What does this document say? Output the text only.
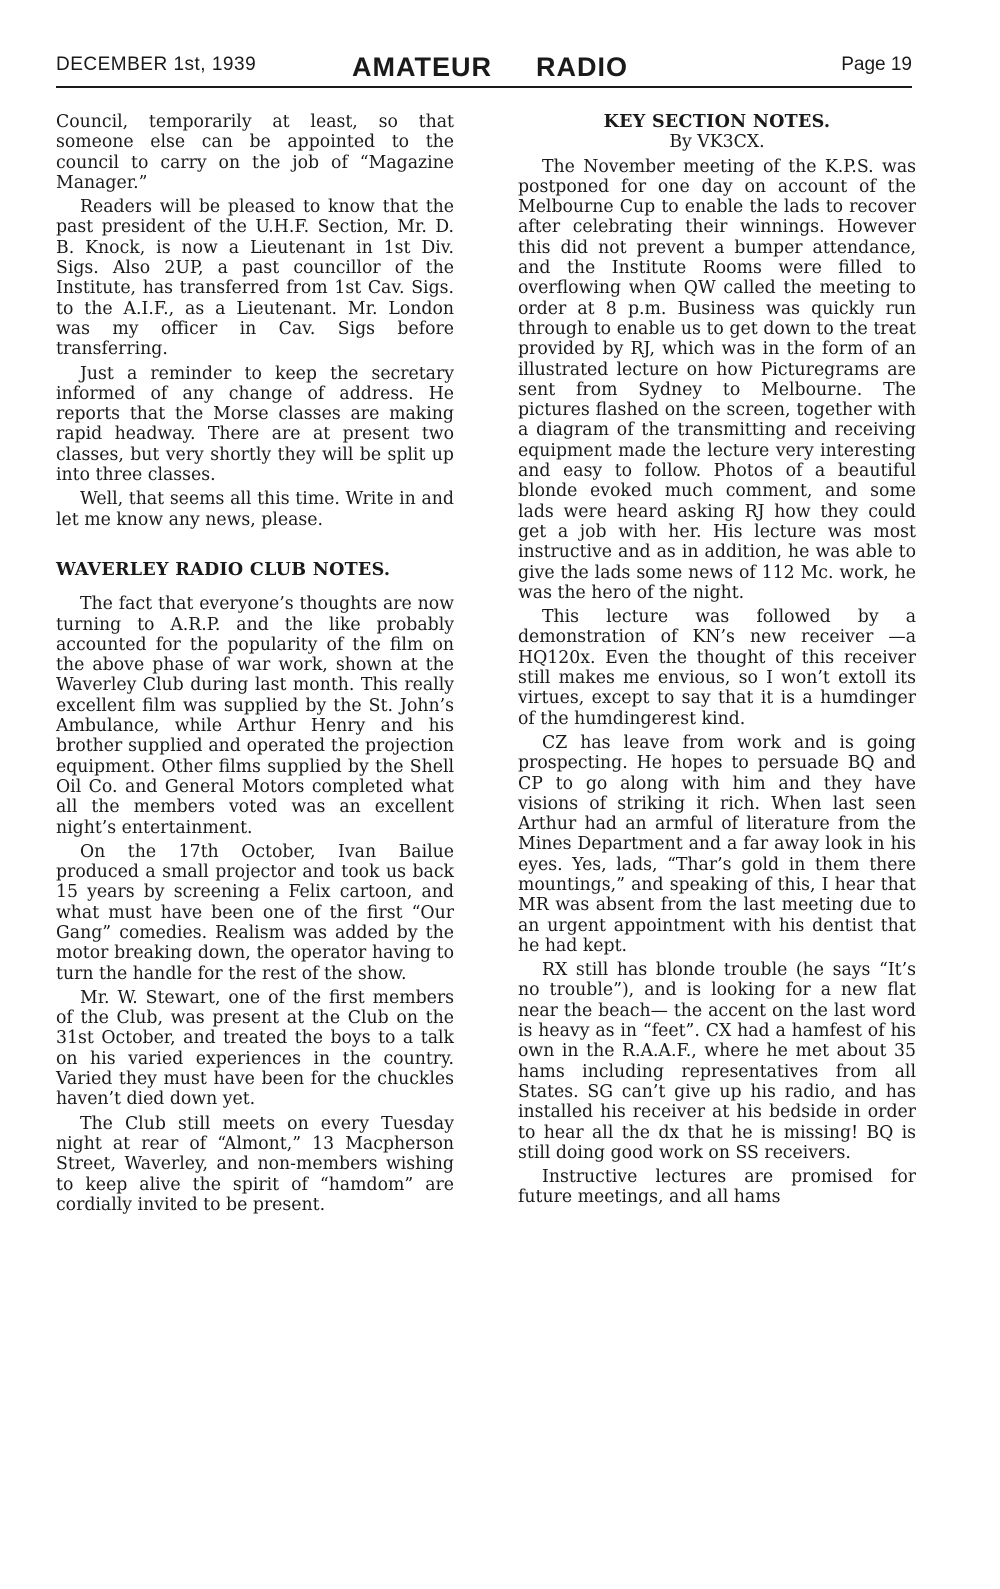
DECEMBER 1st, 1939	AMATEUR RADIO	Page 19

Council, temporarily at least, so that someone else can be appointed to the council to carry on the job of “Magazine Manager.”

Readers will be pleased to know that the past president of the U.H.F. Section, Mr. D. B. Knock, is now a Lieutenant in 1st Div. Sigs. Also 2UP, a past councillor of the Institute, has transferred from 1st Cav. Sigs. to the A.I.F., as a Lieutenant. Mr. London was my officer in Cav. Sigs before transferring.

Just a reminder to keep the secretary informed of any change of address. He reports that the Morse classes are making rapid headway. There are at present two classes, but very shortly they will be split up into three classes.

Well, that seems all this time. Write in and let me know any news, please.

WAVERLEY RADIO CLUB NOTES.

The fact that everyone’s thoughts are now turning to A.R.P. and the like probably accounted for the popularity of the film on the above phase of war work, shown at the Waverley Club during last month. This really excellent film was supplied by the St. John’s Ambulance, while Arthur Henry and his brother supplied and operated the projection equipment. Other films supplied by the Shell Oil Co. and General Motors completed what all the members voted was an excellent night’s entertainment.

On the 17th October, Ivan Bailue produced a small projector and took us back 15 years by screening a Felix cartoon, and what must have been one of the first “Our Gang” comedies. Realism was added by the motor breaking down, the operator having to turn the handle for the rest of the show.

Mr. W. Stewart, one of the first members of the Club, was present at the Club on the 31st October, and treated the boys to a talk on his varied experiences in the country. Varied they must have been for the chuckles haven’t died down yet.

The Club still meets on every Tuesday night at rear of “Almont,” 13 Macpherson Street, Waverley, and non-members wishing to keep alive the spirit of “hamdom” are cordially invited to be present.

KEY SECTION NOTES.

By VK3CX.

The November meeting of the K.P.S. was postponed for one day on account of the Melbourne Cup to enable the lads to recover after celebrating their winnings. However this did not prevent a bumper attendance, and the Institute Rooms were filled to overflowing when QW called the meeting to order at 8 p.m. Business was quickly run through to enable us to get down to the treat provided by RJ, which was in the form of an illustrated lecture on how Picturegrams are sent from Sydney to Melbourne. The pictures flashed on the screen, together with a diagram of the transmitting and receiving equipment made the lecture very interesting and easy to follow. Photos of a beautiful blonde evoked much comment, and some lads were heard asking RJ how they could get a job with her. His lecture was most instructive and as in addition, he was able to give the lads some news of 112 Mc. work, he was the hero of the night.

This lecture was followed by a demonstration of KN’s new receiver —a HQ120x. Even the thought of this receiver still makes me envious, so I won’t extoll its virtues, except to say that it is a humdinger of the humdingerest kind.

CZ has leave from work and is going prospecting. He hopes to persuade BQ and CP to go along with him and they have visions of striking it rich. When last seen Arthur had an armful of literature from the Mines Department and a far away look in his eyes. Yes, lads, “Thar’s gold in them there mountings,” and speaking of this, I hear that MR was absent from the last meeting due to an urgent appointment with his dentist that he had kept.

RX still has blonde trouble (he says “It’s no trouble”), and is looking for a new flat near the beach— the accent on the last word is heavy as in “feet”. CX had a hamfest of his own in the R.A.A.F., where he met about 35 hams including representatives from all States. SG can’t give up his radio, and has installed his receiver at his bedside in order to hear all the dx that he is missing! BQ is still doing good work on SS receivers.

Instructive lectures are promised for future meetings, and all hams
